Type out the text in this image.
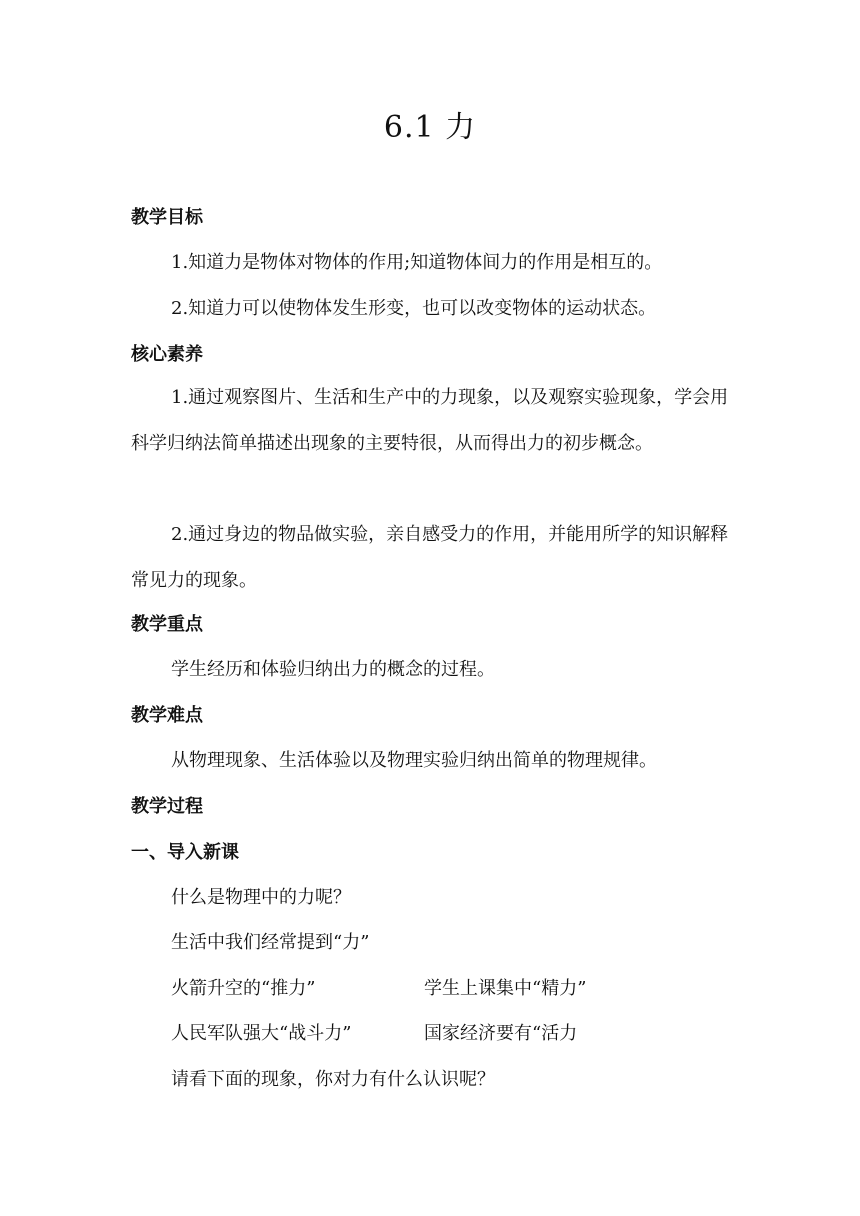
6.1 力
教学目标
1.知道力是物体对物体的作用;知道物体间力的作用是相互的。
2.知道力可以使物体发生形变，也可以改变物体的运动状态。
核心素养
1.通过观察图片、生活和生产中的力现象，以及观察实验现象，学会用科学归纳法简单描述出现象的主要特很，从而得出力的初步概念。
2.通过身边的物品做实验，亲自感受力的作用，并能用所学的知识解释常见力的现象。
教学重点
学生经历和体验归纳出力的概念的过程。
教学难点
从物理现象、生活体验以及物理实验归纳出简单的物理规律。
教学过程
一、导入新课
什么是物理中的力呢？
生活中我们经常提到“力”
火箭升空的“推力”	学生上课集中“精力”
人民军队强大“战斗力”	国家经济要有“活力
请看下面的现象，你对力有什么认识呢？
